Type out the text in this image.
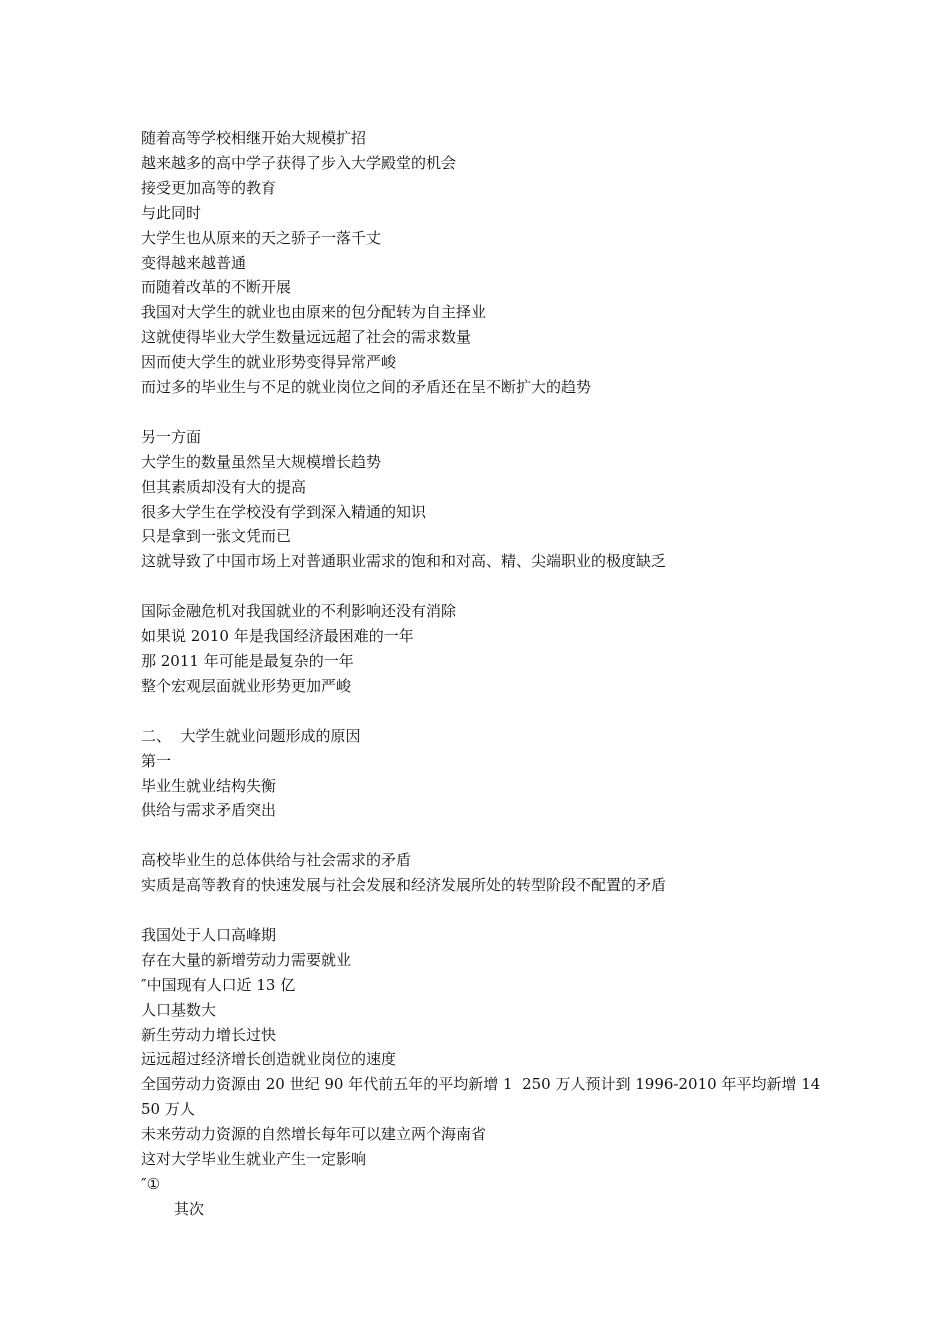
随着高等学校相继开始大规模扩招
越来越多的高中学子获得了步入大学殿堂的机会
接受更加高等的教育
与此同时
大学生也从原来的天之骄子一落千丈
变得越来越普通
而随着改革的不断开展
我国对大学生的就业也由原来的包分配转为自主择业
这就使得毕业大学生数量远远超了社会的需求数量
因而使大学生的就业形势变得异常严峻
而过多的毕业生与不足的就业岗位之间的矛盾还在呈不断扩大的趋势
另一方面
大学生的数量虽然呈大规模增长趋势
但其素质却没有大的提高
很多大学生在学校没有学到深入精通的知识
只是拿到一张文凭而已
这就导致了中国市场上对普通职业需求的饱和和对高、精、尖端职业的极度缺乏
国际金融危机对我国就业的不利影响还没有消除
如果说 2010 年是我国经济最困难的一年
那 2011 年可能是最复杂的一年
整个宏观层面就业形势更加严峻
二、  大学生就业问题形成的原因
第一
毕业生就业结构失衡
供给与需求矛盾突出
高校毕业生的总体供给与社会需求的矛盾
实质是高等教育的快速发展与社会发展和经济发展所处的转型阶段不配置的矛盾
我国处于人口高峰期
存在大量的新增劳动力需要就业
″中国现有人口近 13 亿
人口基数大
新生劳动力增长过快
远远超过经济增长创造就业岗位的速度
全国劳动力资源由 20 世纪 90 年代前五年的平均新增 1  250 万人预计到 1996-2010 年平均新增 1450 万人
未来劳动力资源的自然增长每年可以建立两个海南省
这对大学毕业生就业产生一定影响
″①
其次
